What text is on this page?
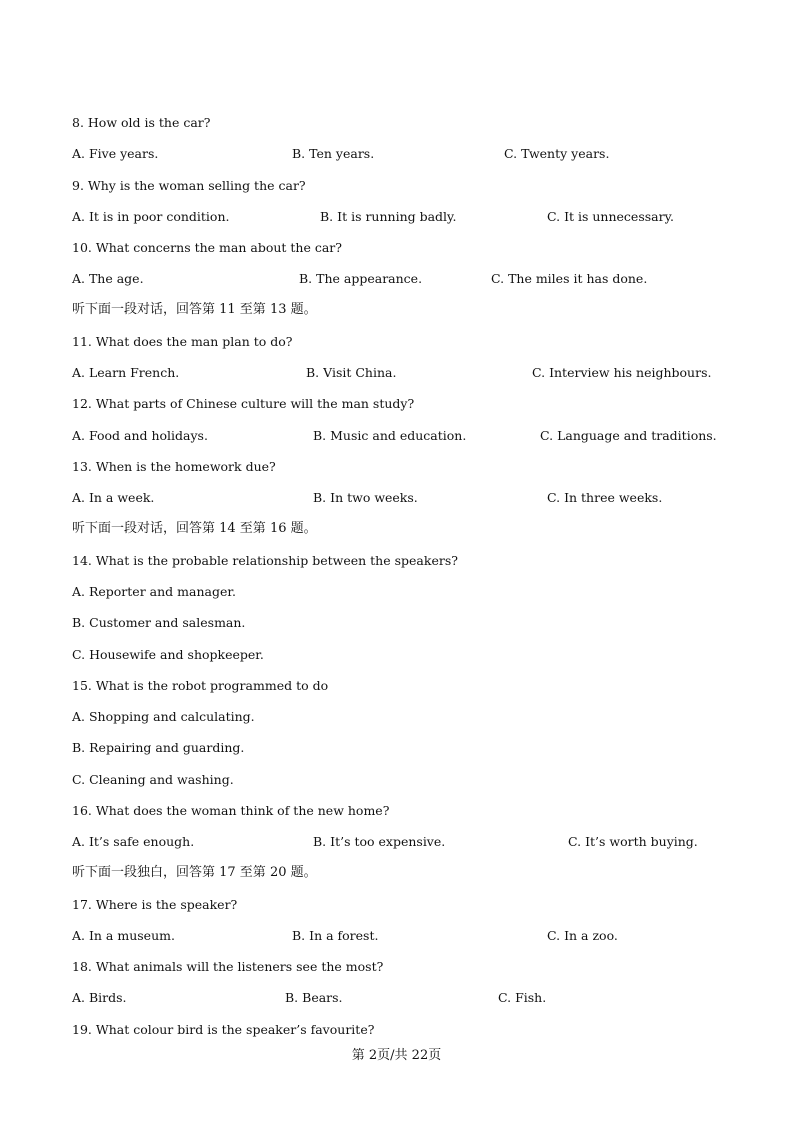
8. How old is the car?

A. Five years.

	B. Ten years.

	C. Twenty years.

9. Why is the woman selling the car?

A. It is in poor condition.

	B. It is running badly.

	C. It is unnecessary.

10. What concerns the man about the car?

A. The age.

	B. The appearance.

	C. The miles it has done.

听下面一段对话，回答第 11 至第 13 题。
11. What does the man plan to do?

A. Learn French.

	B. Visit China.

	C. Interview his neighbours.

12. What parts of Chinese culture will the man study?

A. Food and holidays.

	B. Music and education.

	C. Language and traditions.

13. When is the homework due?

A. In a week.

	B. In two weeks.

	C. In three weeks.

听下面一段对话，回答第 14 至第 16 题。
14. What is the probable relationship between the speakers?
A. Reporter and manager.
B. Customer and salesman.
C. Housewife and shopkeeper.
15. What is the robot programmed to do
A. Shopping and calculating.
B. Repairing and guarding.
C. Cleaning and washing.
16. What does the woman think of the new home?

A. It’s safe enough.

	B. It’s too expensive.

	C. It’s worth buying.

听下面一段独白，回答第 17 至第 20 题。
17. Where is the speaker?

A. In a museum.

	B. In a forest.

	C. In a zoo.

18. What animals will the listeners see the most?

A. Birds.

	B. Bears.

	C. Fish.

19. What colour bird is the speaker’s favourite?
第 2页/共 22页
